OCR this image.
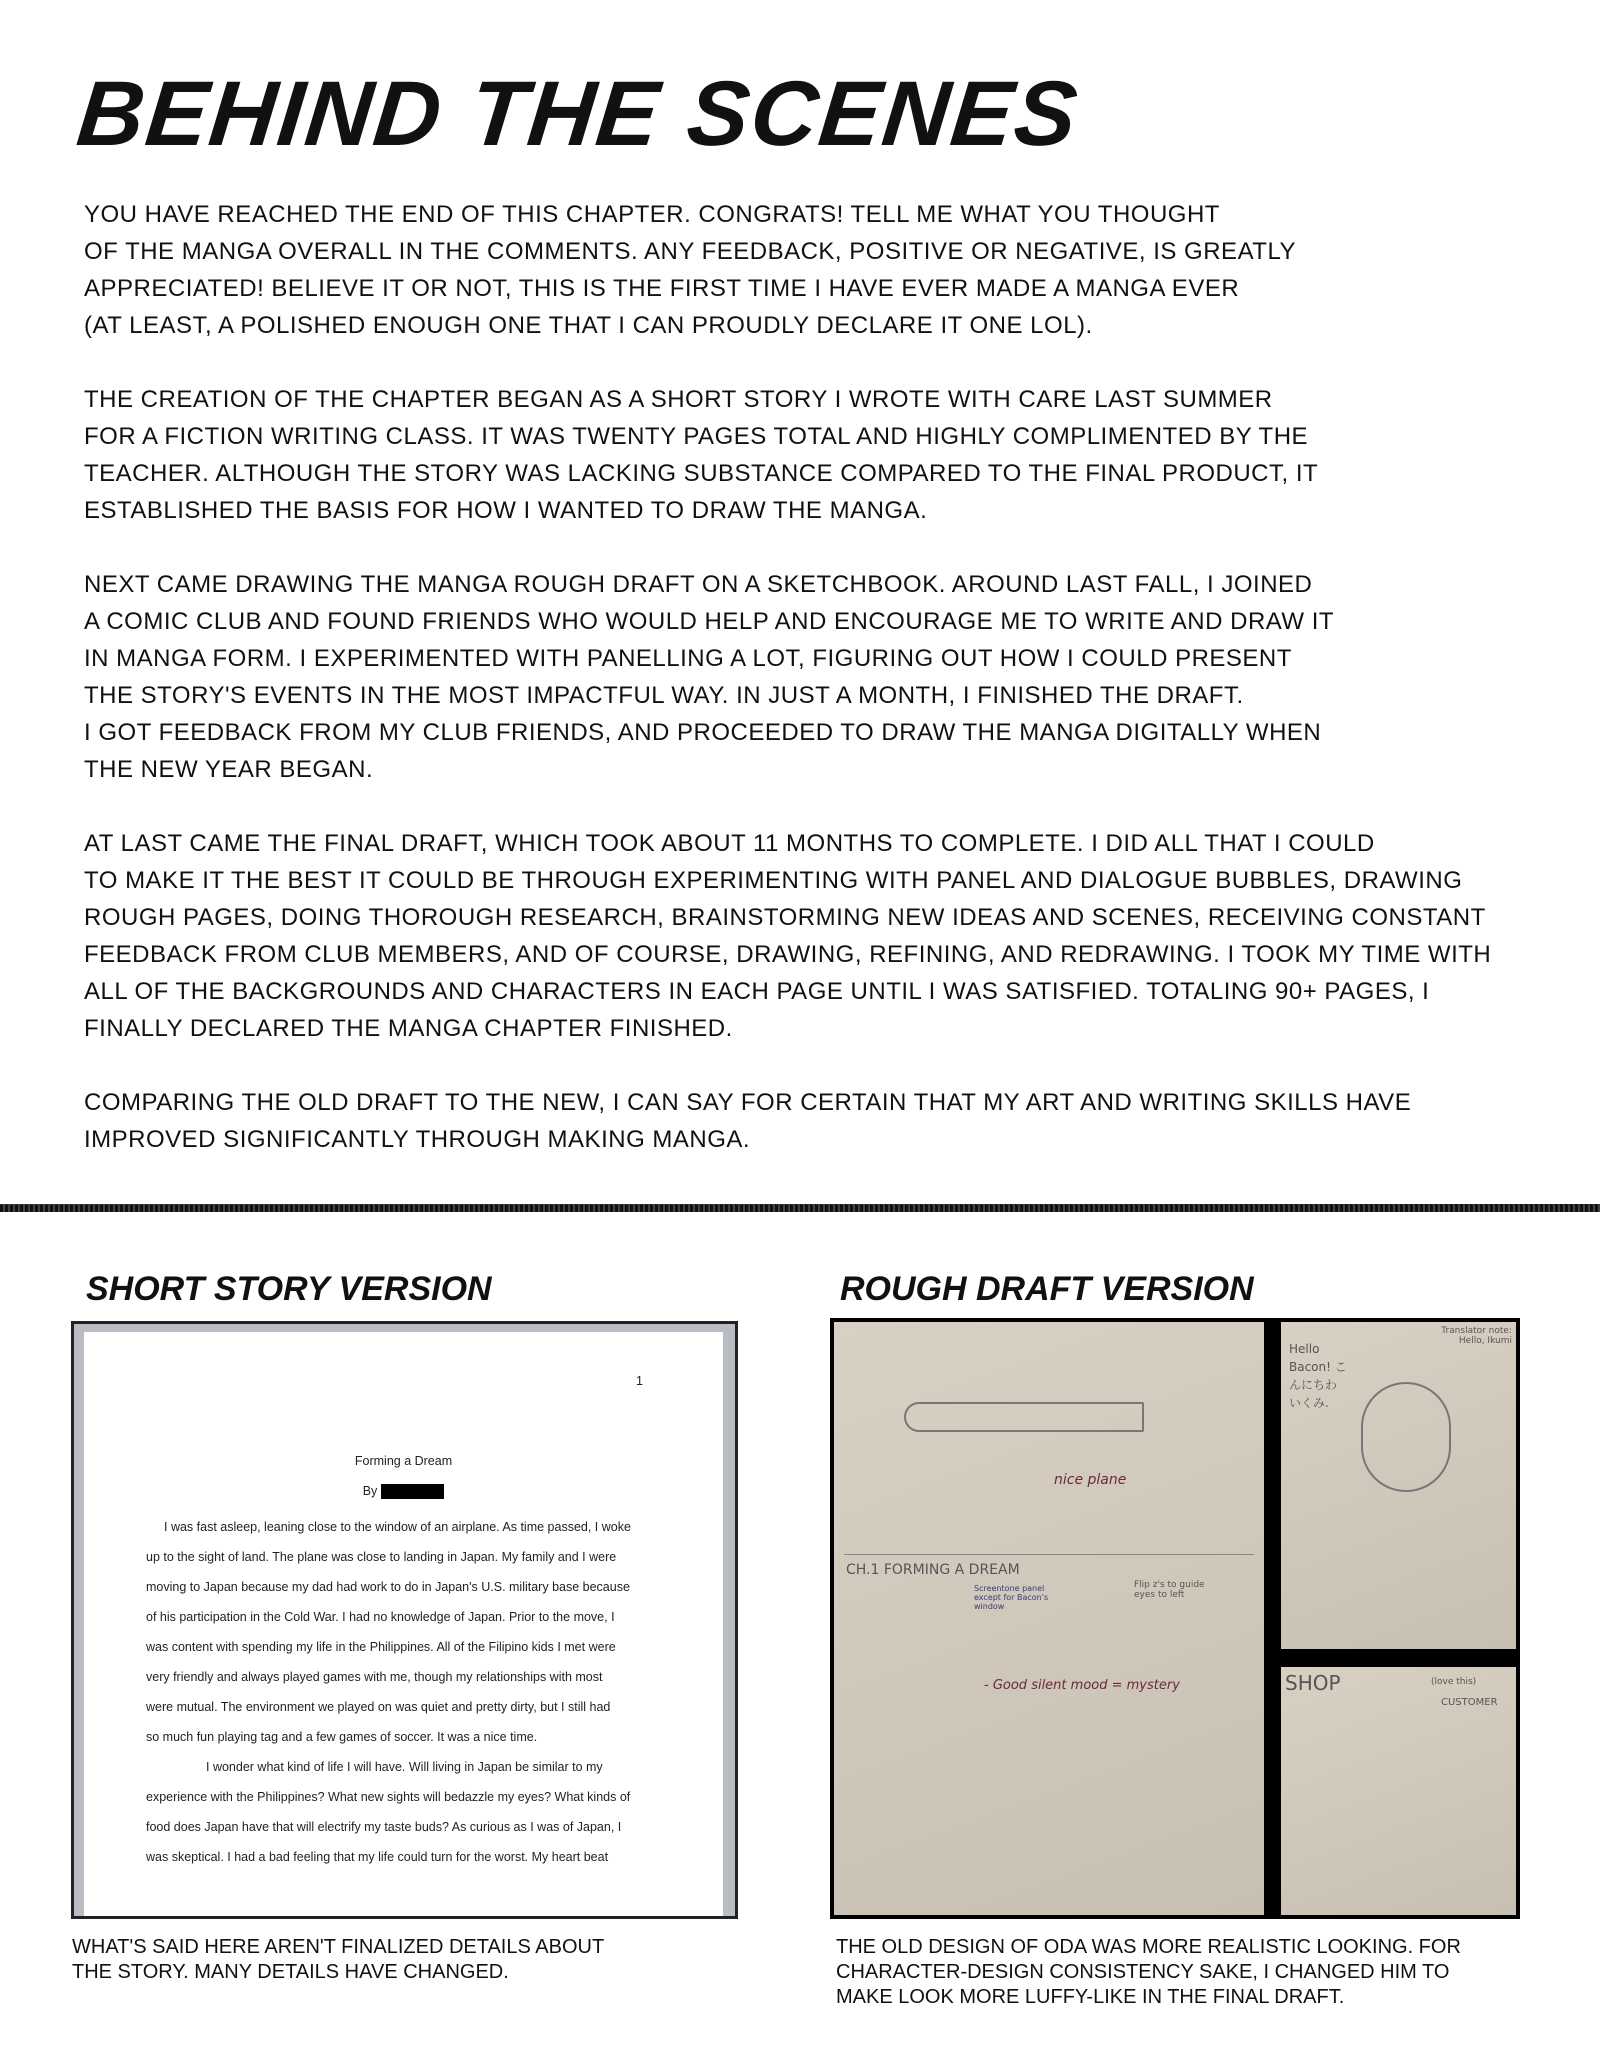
BEHIND THE SCENES

YOU HAVE REACHED THE END OF THIS CHAPTER. CONGRATS! TELL ME WHAT YOU THOUGHT
OF THE MANGA OVERALL IN THE COMMENTS. ANY FEEDBACK, POSITIVE OR NEGATIVE, IS GREATLY
APPRECIATED! BELIEVE IT OR NOT, THIS IS THE FIRST TIME I HAVE EVER MADE A MANGA EVER
(AT LEAST, A POLISHED ENOUGH ONE THAT I CAN PROUDLY DECLARE IT ONE LOL).

THE CREATION OF THE CHAPTER BEGAN AS A SHORT STORY I WROTE WITH CARE LAST SUMMER
FOR A FICTION WRITING CLASS. IT WAS TWENTY PAGES TOTAL AND HIGHLY COMPLIMENTED BY THE
TEACHER. ALTHOUGH THE STORY WAS LACKING SUBSTANCE COMPARED TO THE FINAL PRODUCT, IT
ESTABLISHED THE BASIS FOR HOW I WANTED TO DRAW THE MANGA.

NEXT CAME DRAWING THE MANGA ROUGH DRAFT ON A SKETCHBOOK. AROUND LAST FALL, I JOINED
A COMIC CLUB AND FOUND FRIENDS WHO WOULD HELP AND ENCOURAGE ME TO WRITE AND DRAW IT
IN MANGA FORM. I EXPERIMENTED WITH PANELLING A LOT, FIGURING OUT HOW I COULD PRESENT
THE STORY'S EVENTS IN THE MOST IMPACTFUL WAY. IN JUST A MONTH, I FINISHED THE DRAFT.
I GOT FEEDBACK FROM MY CLUB FRIENDS, AND PROCEEDED TO DRAW THE MANGA DIGITALLY WHEN
THE NEW YEAR BEGAN.

AT LAST CAME THE FINAL DRAFT, WHICH TOOK ABOUT 11 MONTHS TO COMPLETE. I DID ALL THAT I COULD
TO MAKE IT THE BEST IT COULD BE THROUGH EXPERIMENTING WITH PANEL AND DIALOGUE BUBBLES, DRAWING
ROUGH PAGES, DOING THOROUGH RESEARCH, BRAINSTORMING NEW IDEAS AND SCENES, RECEIVING CONSTANT
FEEDBACK FROM CLUB MEMBERS, AND OF COURSE, DRAWING, REFINING, AND REDRAWING. I TOOK MY TIME WITH
ALL OF THE BACKGROUNDS AND CHARACTERS IN EACH PAGE UNTIL I WAS SATISFIED. TOTALING 90+ PAGES, I
FINALLY DECLARED THE MANGA CHAPTER FINISHED.

COMPARING THE OLD DRAFT TO THE NEW, I CAN SAY FOR CERTAIN THAT MY ART AND WRITING SKILLS HAVE
IMPROVED SIGNIFICANTLY THROUGH MAKING MANGA.

SHORT STORY VERSION
1
Forming a Dream
By
I was fast asleep, leaning close to the window of an airplane. As time passed, I woke
up to the sight of land. The plane was close to landing in Japan. My family and I were
moving to Japan because my dad had work to do in Japan's U.S. military base because
of his participation in the Cold War. I had no knowledge of Japan. Prior to the move, I
was content with spending my life in the Philippines. All of the Filipino kids I met were
very friendly and always played games with me, though my relationships with most
were mutual. The environment we played on was quiet and pretty dirty, but I still had
so much fun playing tag and a few games of soccer. It was a nice time.
I wonder what kind of life I will have. Will living in Japan be similar to my
experience with the Philippines? What new sights will bedazzle my eyes? What kinds of
food does Japan have that will electrify my taste buds? As curious as I was of Japan, I
was skeptical. I had a bad feeling that my life could turn for the worst. My heart beat
WHAT'S SAID HERE AREN'T FINALIZED DETAILS ABOUT
THE STORY. MANY DETAILS HAVE CHANGED.
ROUGH DRAFT VERSION
nice plane
CH.1 FORMING A DREAM
Screentone panel except for Bacon's window
Flip z's to guide eyes to left
- Good silent mood = mystery
Hello Bacon! こんにちわ いくみ.
Translator note: Hello, Ikumi
SHOP	(love this)
CUSTOMER
THE OLD DESIGN OF ODA WAS MORE REALISTIC LOOKING. FOR
CHARACTER-DESIGN CONSISTENCY SAKE, I CHANGED HIM TO
MAKE LOOK MORE LUFFY-LIKE IN THE FINAL DRAFT.
